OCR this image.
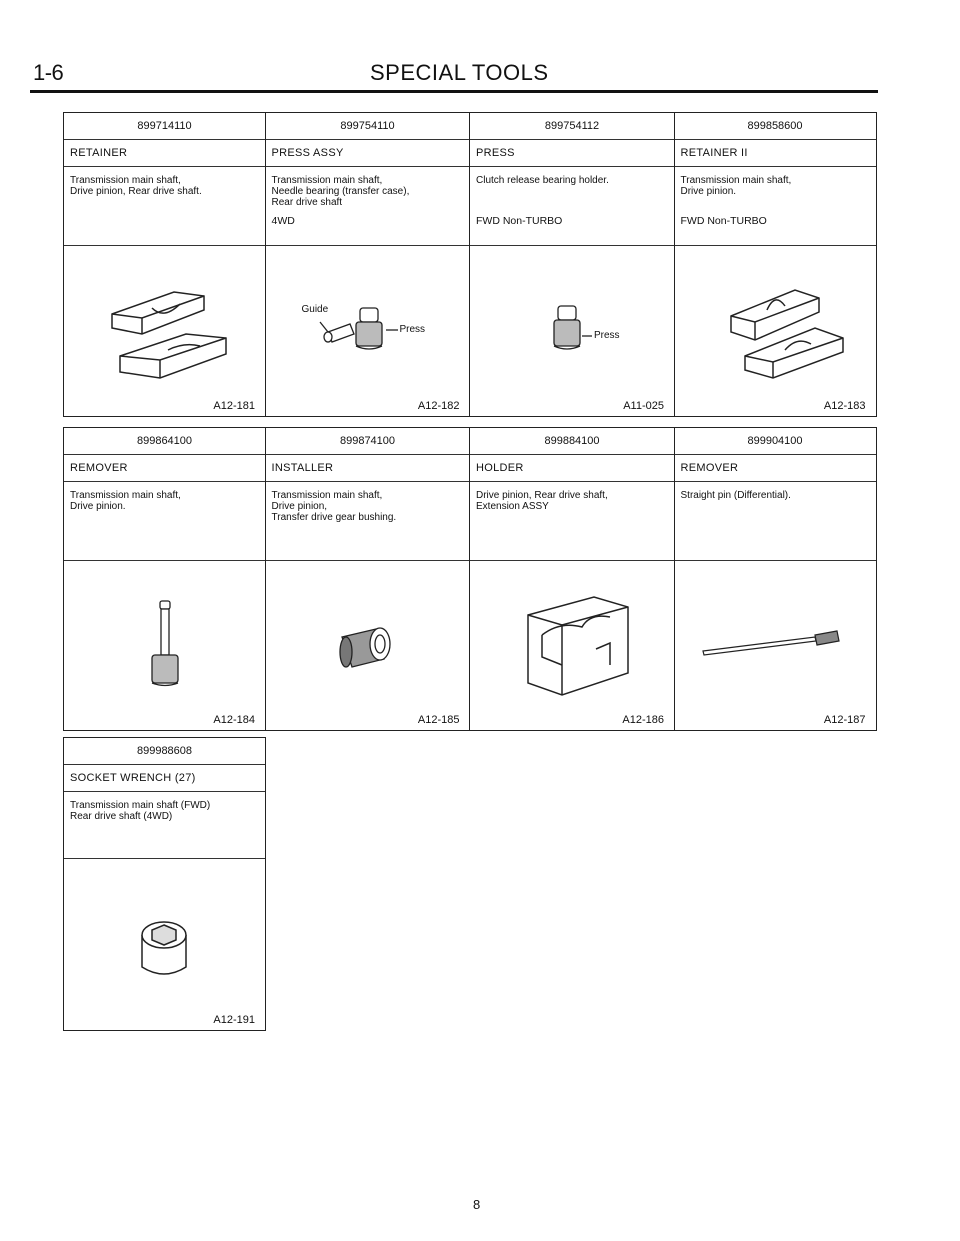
1-6	SPECIAL TOOLS
899714110
RETAINER
Transmission main shaft,
Drive pinion, Rear drive shaft.
A12-181
899754110
PRESS ASSY
Transmission main shaft,
Needle bearing (transfer case),
Rear drive shaft
4WD
Guide
Press
A12-182
899754112
PRESS
Clutch release bearing holder.
FWD Non-TURBO
Press
A11-025
899858600
RETAINER II
Transmission main shaft,
Drive pinion.
FWD Non-TURBO
A12-183
899864100
REMOVER
Transmission main shaft,
Drive pinion.
A12-184
899874100
INSTALLER
Transmission main shaft,
Drive pinion,
Transfer drive gear bushing.
A12-185
899884100
HOLDER
Drive pinion, Rear drive shaft,
Extension ASSY
A12-186
899904100
REMOVER
Straight pin (Differential).
A12-187
899988608
SOCKET WRENCH (27)
Transmission main shaft (FWD)
Rear drive shaft (4WD)
A12-191
8
